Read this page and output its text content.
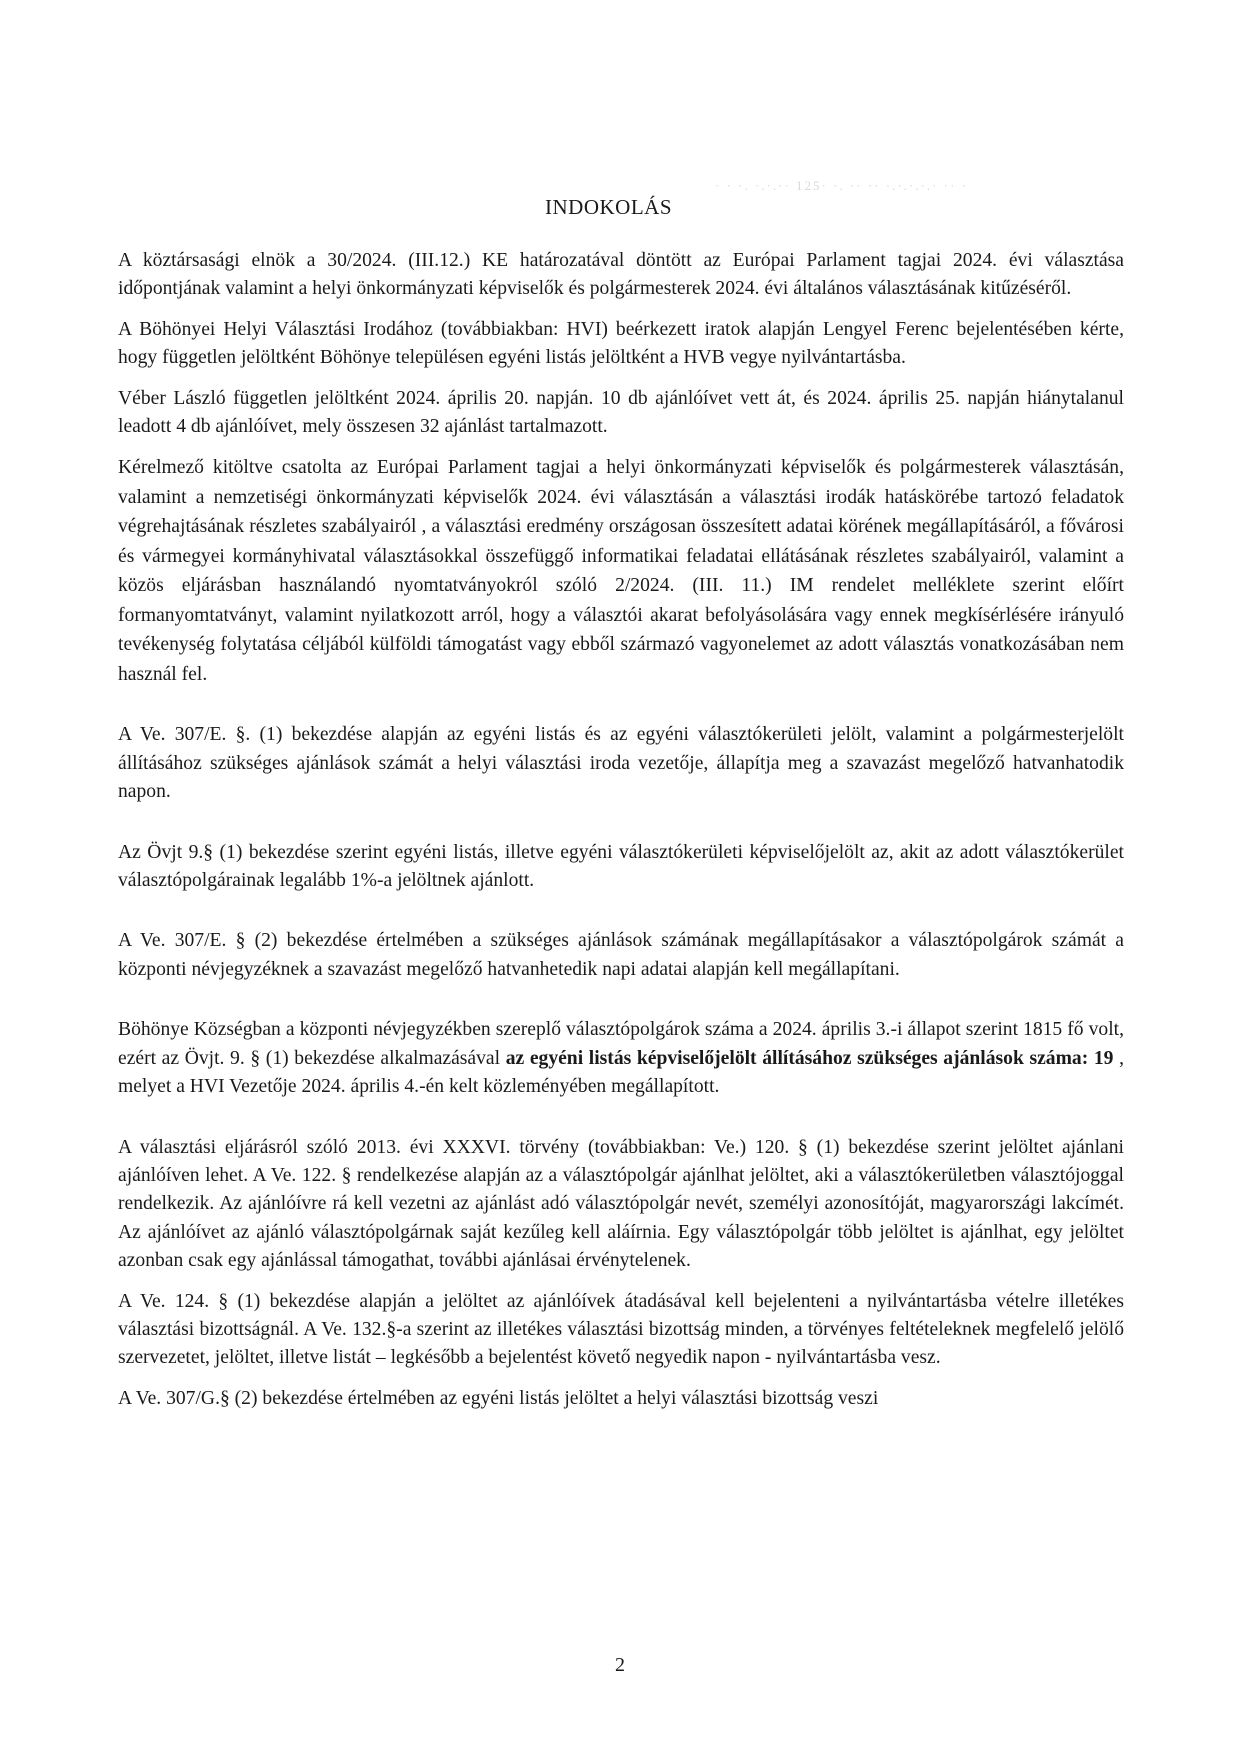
· · ·. ·.·.·· 125· ·. ·· ·· ·.·.·.·.· ·· ·
INDOKOLÁS

A köztársasági elnök a 30/2024. (III.12.) KE határozatával döntött az Európai Parlament tagjai 2024. évi választása időpontjának valamint a helyi önkormányzati képviselők és polgármesterek 2024. évi általános választásának kitűzéséről.

A Böhönyei Helyi Választási Irodához (továbbiakban: HVI) beérkezett iratok alapján Lengyel Ferenc bejelentésében kérte, hogy független jelöltként Böhönye településen egyéni listás jelöltként a HVB vegye nyilvántartásba.

Véber László független jelöltként 2024. április 20. napján. 10 db ajánlóívet vett át, és 2024. április 25. napján hiánytalanul leadott 4 db ajánlóívet, mely összesen 32 ajánlást tartalmazott.

Kérelmező kitöltve csatolta az Európai Parlament tagjai a helyi önkormányzati képviselők és polgármesterek választásán, valamint a nemzetiségi önkormányzati képviselők 2024. évi választásán a választási irodák hatáskörébe tartozó feladatok végrehajtásának részletes szabályairól , a választási eredmény országosan összesített adatai körének megállapításáról, a fővárosi és vármegyei kormányhivatal választásokkal összefüggő informatikai feladatai ellátásának részletes szabályairól, valamint a közös eljárásban használandó nyomtatványokról szóló 2/2024. (III. 11.) IM rendelet melléklete szerint előírt formanyomtatványt, valamint nyilatkozott arról, hogy a választói akarat befolyásolására vagy ennek megkísérlésére irányuló tevékenység folytatása céljából külföldi támogatást vagy ebből származó vagyonelemet az adott választás vonatkozásában nem használ fel.

A Ve. 307/E. §. (1) bekezdése alapján az egyéni listás és az egyéni választókerületi jelölt, valamint a polgármesterjelölt állításához szükséges ajánlások számát a helyi választási iroda vezetője, állapítja meg a szavazást megelőző hatvanhatodik napon.

Az Övjt 9.§ (1) bekezdése szerint egyéni listás, illetve egyéni választókerületi képviselőjelölt az, akit az adott választókerület választópolgárainak legalább 1%-a jelöltnek ajánlott.

A Ve. 307/E. § (2) bekezdése értelmében a szükséges ajánlások számának megállapításakor a választópolgárok számát a központi névjegyzéknek a szavazást megelőző hatvanhetedik napi adatai alapján kell megállapítani.

Böhönye Községban a központi névjegyzékben szereplő választópolgárok száma a 2024. április 3.-i állapot szerint 1815 fő volt, ezért az Övjt. 9. § (1) bekezdése alkalmazásával az egyéni listás képviselőjelölt állításához szükséges ajánlások száma: 19 , melyet a HVI Vezetője 2024. április 4.-én kelt közleményében megállapított.

A választási eljárásról szóló 2013. évi XXXVI. törvény (továbbiakban: Ve.) 120. § (1) bekezdése szerint jelöltet ajánlani ajánlóíven lehet. A Ve. 122. § rendelkezése alapján az a választópolgár ajánlhat jelöltet, aki a választókerületben választójoggal rendelkezik. Az ajánlóívre rá kell vezetni az ajánlást adó választópolgár nevét, személyi azonosítóját, magyarországi lakcímét. Az ajánlóívet az ajánló választópolgárnak saját kezűleg kell aláírnia. Egy választópolgár több jelöltet is ajánlhat, egy jelöltet azonban csak egy ajánlással támogathat, további ajánlásai érvénytelenek.

A Ve. 124. § (1) bekezdése alapján a jelöltet az ajánlóívek átadásával kell bejelenteni a nyilvántartásba vételre illetékes választási bizottságnál. A Ve. 132.§-a szerint az illetékes választási bizottság minden, a törvényes feltételeknek megfelelő jelölő szervezetet, jelöltet, illetve listát – legkésőbb a bejelentést követő negyedik napon - nyilvántartásba vesz.

A Ve. 307/G.§ (2) bekezdése értelmében az egyéni listás jelöltet a helyi választási bizottság veszi

2
